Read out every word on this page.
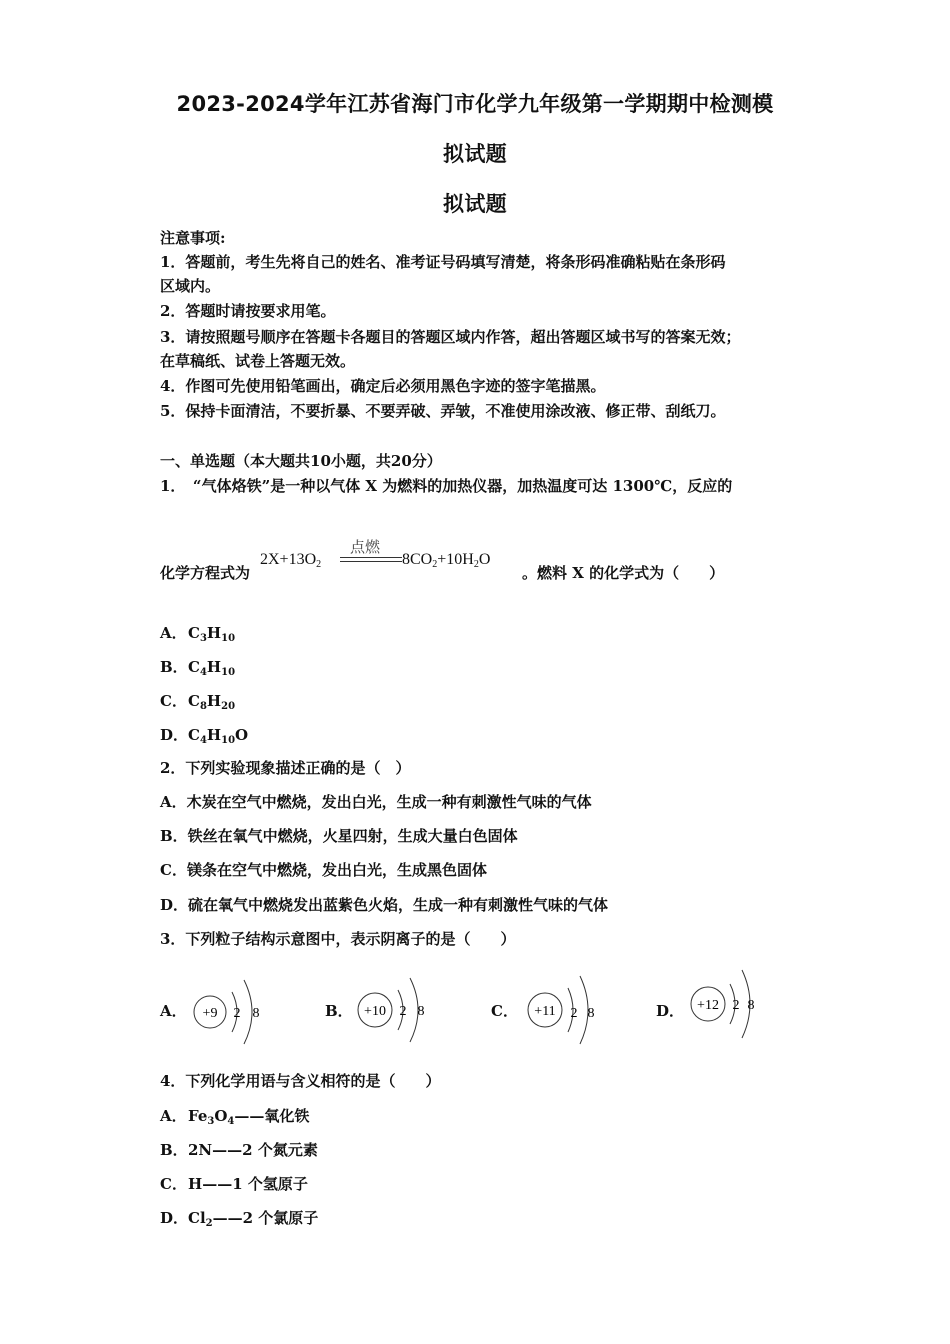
2023-2024学年江苏省海门市化学九年级第一学期期中检测模
拟试题
拟试题
注意事项:
1．答题前，考生先将自己的姓名、准考证号码填写清楚，将条形码准确粘贴在条形码
区域内。
2．答题时请按要求用笔。
3．请按照题号顺序在答题卡各题目的答题区域内作答，超出答题区域书写的答案无效；
在草稿纸、试卷上答题无效。
4．作图可先使用铅笔画出，确定后必须用黑色字迹的签字笔描黑。
5．保持卡面清洁，不要折暴、不要弄破、弄皱，不准使用涂改液、修正带、刮纸刀。
一、单选题（本大题共10小题，共20分）
1．　“气体烙铁”是一种以气体 X 为燃料的加热仪器，加热温度可达 1300℃，反应的
化学方程式为
点燃
$2X+13O_2$	$8CO_2+10H_2O$
。燃料 X 的化学式为（　　）
A．$C_3H_{10}$
B．$C_4H_{10}$
C．$C_8H_{20}$
D．$C_4H_{10}O$
2．下列实验现象描述正确的是（　）
A．木炭在空气中燃烧，发出白光，生成一种有刺激性气味的气体
B．铁丝在氧气中燃烧，火星四射，生成大量白色固体
C．镁条在空气中燃烧，发出白光，生成黑色固体
D．硫在氧气中燃烧发出蓝紫色火焰，生成一种有刺激性气味的气体
3．下列粒子结构示意图中，表示阴离子的是（　　）
A． +9 2 8	B． +10 2 8	C． +11 2 8	D． +12 2 8
4．下列化学用语与含义相符的是（　　）
A．$Fe_3O_4——$氧化铁
B．2N——2 个氮元素
C．H——1 个氢原子
D．$Cl_2——2$ 个氯原子
